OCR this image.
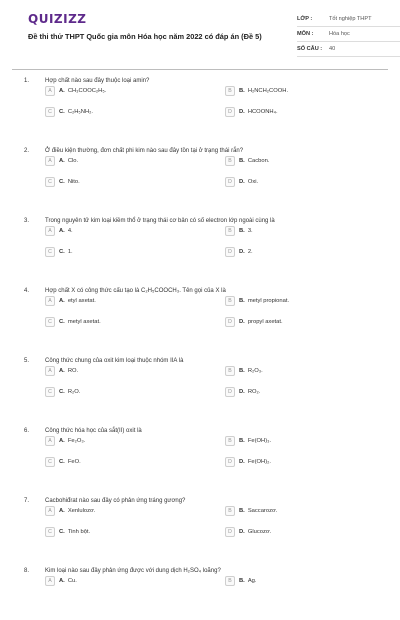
QUIZIZZ
Đề thi thử THPT Quốc gia môn Hóa học năm 2022 có đáp án (Đề 5)
LỚP :	Tốt nghiệp THPT
MÔN :	Hóa học
SỐ CÂU :	40
1.	Hợp chất nào sau đây thuộc loại amin?
A	A. CH₃COOC₂H₅.	B	B. H₂NCH₂COOH.
C	C. C₂H₅NH₂.	D	D. HCOONH₄.
2.	Ở điều kiện thường, đơn chất phi kim nào sau đây tồn tại ở trạng thái rắn?
A	A. Clo.	B	B. Cacbon.
C	C. Nito.	D	D. Oxi.
3.	Trong nguyên tử kim loại kiềm thổ ở trạng thái cơ bản có số electron lớp ngoài cùng là
A	A. 4.	B	B. 3.
C	C. 1.	D	D. 2.
4.	Hợp chất X có công thức cấu tạo là C₂H₅COOCH₃. Tên gọi của X là
A	A. etyl axetat.	B	B. metyl propionat.
C	C. metyl axetat.	D	D. propyl axetat.
5.	Công thức chung của oxit kim loại thuộc nhóm IIA là
A	A. RO.	B	B. R₂O₃.
C	C. R₂O.	D	D. RO₂.
6.	Công thức hóa học của sắt(II) oxit là
A	A. Fe₂O₃.	B	B. Fe(OH)₃.
C	C. FeO.	D	D. Fe(OH)₂.
7.	Cacbohiđrat nào sau đây có phản ứng tráng gương?
A	A. Xenlulozơ.	B	B. Saccarozơ.
C	C. Tinh bột.	D	D. Glucozơ.
8.	Kim loại nào sau đây phản ứng được với dung dịch H₂SO₄ loãng?
A	A. Cu.	B	B. Ag.
